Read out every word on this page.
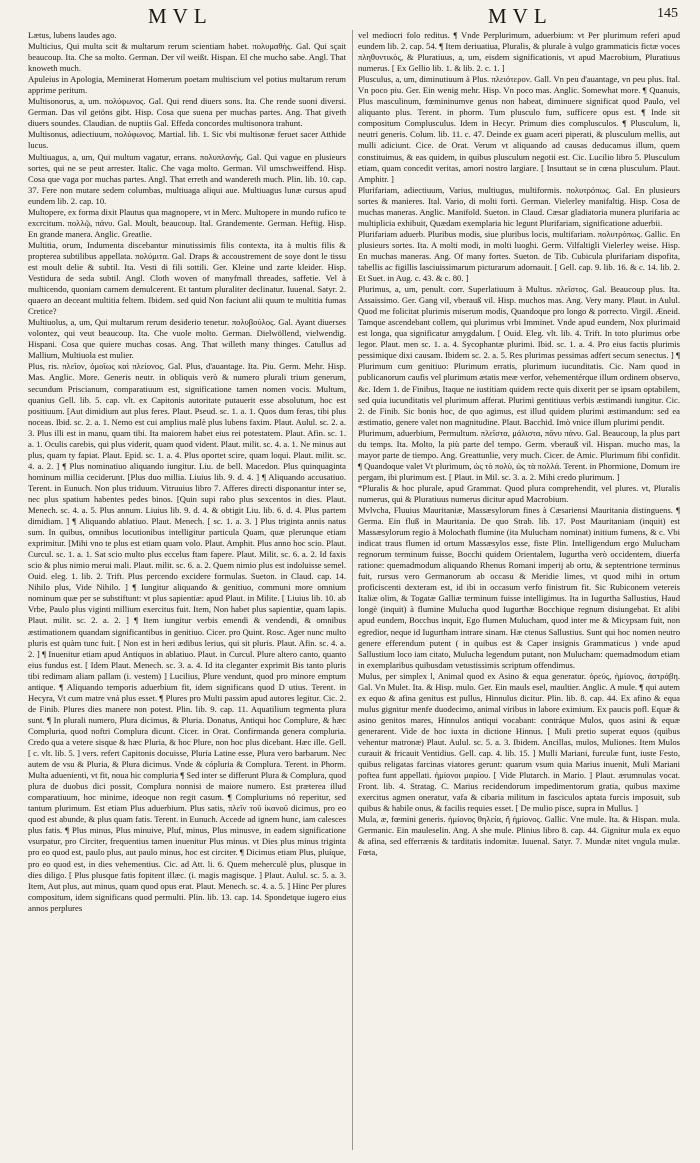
MVL	MVL	145

Lætus, lubens laudes ago.

Multicius, Qui multa scit & multarum rerum scientiam habet. πολυμαθὴς. Gal. Qui sçait beaucoup. Ita. Che sa molto. German. Der vil weißt. Hispan. El che mucho sabe. Angl. That knoweth much.

Apuleius in Apologia, Meminerat Homerum poetam multiscium vel potius multarum rerum apprime peritum.

Multisonorus, a, um. πολύφωνος. Gal. Qui rend diuers sons. Ita. Che rende suoni diversi. German. Das vil getöns gibt. Hisp. Cosa que suena per muchas partes. Ang. That giveth diuers soundes. Claudian. de nuptiis Gal. Effeda concordes multisonora trahunt.

Multisonus, adiectiuum, πολύφωνος. Martial. lib. 1. Sic vbi multisonæ feruet sacer Atthide lucus.

Multiuagus, a, um, Qui multum vagatur, errans. πολυπλανὴς. Gal. Qui vague en plusieurs sortes, qui ne se peut arrester. Italic. Che vaga molto. German. Vil umschweiffend. Hisp. Cosa que vaga por muchas partes. Angl. That erreth and wandereth much. Plin. lib. 10. cap. 37. Fere non mutare sedem columbas, multiuaga aliqui aue. Multiuagus lunæ cursus apud eundem lib. 2. cap. 10.

Multopere, ex forma dixit Plautus qua magnopere, vt in Merc. Multopere in mundo rufico te excrcitum. πολλῷ, πάνυ. Gal. Moult, beaucoup. Ital. Grandemente. German. Heftig. Hisp. En grande manera. Anglic. Greatlie.

Multitia, orum, Indumenta discebantur minutissimis filis contexta, ita à multis filis & propterea subtilibus appellata. πολύμιτα. Gal. Draps & accoustrement de soye dont le tissu est moult delie & subtil. Ita. Vesti di fili sottili. Ger. Kleine und zarte kleider. Hisp. Vestidura de seda subtil. Angl. Cloth woven of manyfmall threades, saffetie. Vel à multicendo, quoniam carnem demulcerent. Et tantum pluraliter declinatur. Iuuenal. Satyr. 2. quaero an deceant multitia feltem. Ibidem. sed quid Non faciunt alii quum te multitia fumas Cretice?

Multiuolus, a, um, Qui multarum rerum desiderio tenetur. πολυβούλος. Gal. Ayant diuerses volontez, qui veut beaucoup. Ita. Che vuole molto. German. Dielwöllend, vielwendig. Hispani. Cosa que quiere muchas cosas. Ang. That willeth many thinges. Catullus ad Mallium, Multiuola est mulier.

Plus, ris. πλεῖον, ὁμοῖως καὶ πλείονος. Gal. Plus, d'auantage. Ita. Piu. Germ. Mehr. Hisp. Mas. Anglic. More. Generis neutr. in obliquis verò & numero plurali trium generum, secundum Priscianum, comparatiuum est, significatione tamen nomen vocis. Multum, quanius Gell. lib. 5. cap. vlt. ex Capitonis autoritate putauerit esse absolutum, hoc est positiuum. [Aut dimidium aut plus feres. Plaut. Pseud. sc. 1. a. 1. Quos dum feras, tibi plus noceas. Ibid. sc. 2. a. 1. Nemo est cui amplius malè plus lubens faxim. Plaut. Aulul. sc. 2. a. 3. Plus illi est in manu, quam tibi. Ita maiorem habet eius rei potestatem. Plaut. Afin. sc. 1. a. 1. Oculis carebis, qui plus viderit, quam quod vident. Plaut. milit. sc. 4. a. 1. Ne minus aut plus, quam ty fapiat. Plaut. Epid. sc. 1. a. 4. Plus oportet scire, quam loqui. Plaut. milit. sc. 4. a. 2. ] ¶ Plus nominatiuo aliquando iungitur. Liu. de bell. Macedon. Plus quinquaginta hominum millia ceciderunt. [Plus duo millia. Liuius lib. 9. d. 4. ] ¶ Aliquando accusatiuo. Terent. in Eunuch. Non plus triduum. Vitruuius libro 7. Afferes directi disponantur inter se, nec plus spatium habentes pedes binos. [Quin supi rabo plus sexcentos in dies. Plaut. Menech. sc. 4. a. 5. Plus annum. Liuius lib. 9. d. 4. & obtigit Liu. lib. 6. d. 4. Plus partem dimidiam. ] ¶ Aliquando ablatiuo. Plaut. Menech. [ sc. 1. a. 3. ] Plus triginta annis natus sum. In quibus, omnibus locutionibus intelligitur particula Quam, quæ plerunque etiam exprimitur. [Mihi vno te plus est etiam quam volo. Plaut. Amphit. Plus anno hoc scio. Plaut. Curcul. sc. 1. a. 1. Sat scio multo plus eccelus ftam fapere. Plaut. Milit. sc. 6. a. 2. Id faxis scio & plus nimio merui mali. Plaut. milit. sc. 6. a. 2. Quem nimio plus est indoluisse semel. Ouid. eleg. 1. lib. 2. Trift. Plus percendo excidere formulas. Sueton. in Claud. cap. 14. Nihilo plus, Vide Nihilo. ] ¶ Iungitur aliquando & genitiuo, communi more omnium nominum quæ per se substiftunt: vt plus sapientiæ: apud Plaut. in Milite. [ Liuius lib. 10. ab Vrbe, Paulo plus viginti millium exercitus fuit. Item, Non habet plus sapientiæ, quam lapis. Plaut. milit. sc. 2. a. 2. ] ¶ Item iungitur verbis emendi & vendendi, & omnibus æstimationem quandam significantibus in genitiuo. Cicer. pro Quint. Rosc. Ager nunc multo pluris est quàm tunc fuit. [ Non est in heri ædibus lerius, qui sit pluris. Plaut. Afin. sc. 4. a. 2. ] ¶ Inuenitur etiam apud Antiquos in ablatiuo. Plaut. in Curcul. Plure altero canto, quanto eius fundus est. [ Idem Plaut. Menech. sc. 3. a. 4. Id ita cleganter exprimit Bis tanto pluris tibi redimam aliam pallam (i. vestem) ] Lucilius, Plure vendunt, quod pro minore emptum antique. ¶ Aliquando temporis aduerbium fit, idem significans quod D utius. Terent. in Hecyra, Vt cum matre vná plus esset. ¶ Plures pro Multi passim apud autores legitur. Cic. 2. de Finib. Plures dies manere non potest. Plin. lib. 9. cap. 11. Aquatilium tegmenta plura sunt. ¶ In plurali numero, Plura dicimus, & Pluria. Donatus, Antiqui hoc Complure, & hæc Compluria, quod noftri Complura dicunt. Cicer. in Orat. Confirmanda genera compluria. Credo qua a vetere sisque & hæc Pluria, & hoc Plure, non hoc plus dicebant. Hæc ille. Gell. [ c. vlt. lib. 5. ] vers. refert Capitonis docuisse, Pluria Latine esse, Plura vero barbarum. Nec autem de vsu & Pluria, & Plura dicimus. Vnde & cópluria & Complura. Terent. in Phorm. Multa aduenienti, vt fit, noua hic compluria ¶ Sed inter se differunt Plura & Complura, quod plura de duobus dici possit, Complura nonnisi de maiore numero. Est præterea illud comparatiuum, hoc minime, ideoque non regit casum. ¶ Compluriums nó reperitur, sed tantum plurimum. Est etiam Plus aduerbium. Plus satis, πλεῖν τοῦ ἱκανοῦ dicimus, pro eo quod est abunde, & plus quam fatis. Terent. in Eunuch. Accede ad ignem hunc, iam calesces plus fatis. ¶ Plus minus, Plus minuive, Pluf, minus, Plus minusve, in eadem significatione vsurpatur, pro Circiter, frequentius tamen inuenitur Plus minus. vt Dies plus minus triginta pro eo quod est, paulo plus, aut paulo minus, hoc est circiter. ¶ Dicimus etiam Plus, pluíque, pro eo quod est, in dies vehementius. Cic. ad Att. li. 6. Quem meherculè plus, plusque in dies diligo. [ Plus plusque fatis fopitent illæc. (i. magis magisque. ] Plaut. Aulul. sc. 5. a. 3. Item, Aut plus, aut minus, quam quod opus erat. Plaut. Menech. sc. 4. a. 5. ] Hinc Per plures compositum, idem significans quod permulti. Plin. lib. 13. cap. 14. Spondetque iugero eius annos perplures

vel mediocri folo reditus. ¶ Vnde Perplurimum, aduerbium: vt Per plurimum referi apud eundem lib. 2. cap. 54. ¶ Item deriuatiua, Pluralis, & plurale à vulgo grammaticis fictæ voces πληθυντικὸς, & Pluratiuus, a, um, eisdem significationis, vt apud Macrobium, Pluratiuus numerus. [ Ex Gellio lib. 1. & lib. 2. c. 1. ]

Plusculus, a, um, diminutiuum à Plus. πλειότερον. Gall. Vn peu d'auantage, vn peu plus. Ital. Vn poco piu. Ger. Ein wenig mehr. Hisp. Vn poco mas. Anglic. Somewhat more. ¶ Quanuis, Plus masculinum, fœmininumve genus non habeat, diminuere significat quod Paulo, vel aliquanto plus. Terent. in phorm. Tum plusculo fum, sufficere opus est. ¶ Inde sit compositum Complusculus. Idem in Hecyr. Primum dies complusculos. ¶ Plusculum, li, neutri generis. Colum. lib. 11. c. 47. Deinde ex guam aceri piperati, & plusculum mellis, aut mulli adiciunt. Cice. de Orat. Verum vt aliquando ad causas deducamus illum, quem constituimus, & eas quidem, in quibus plusculum negotii est. Cic. Lucilio libro 5. Plusculum etiam, quam concedit veritas, amori nostro largiare. [ Insuttaut se in cœna plusculum. Plaut. Amphitr. ]

Plurifariam, adiectiuum, Varius, multiugus, multiformis. πολυτρόπως. Gal. En plusieurs sortes & manieres. Ital. Vario, di molti forti. German. Vielerley manifaltig. Hisp. Cosa de muchas maneras. Anglic. Manifold. Sueton. in Claud. Cæsar gladiatoria munera plurifaria ac multiplicia exhibuit, Quædam exemplaria hic legunt Plurifariam, significatione aduerbii.

Plurifariam aduerb. Pluribus modis, siue pluribus locis, multifariam. πολυτρόπως. Gallic. En plusieurs sortes. Ita. A molti modi, in molti luoghi. Germ. Vilfaltigli Vielerley weise. Hisp. En muchas maneras. Ang. Of many fortes. Sueton. de Tib. Cubicula plurifariam dispofita, tabellis ac figillis lasciuissimarum picturarum adornauit. [ Gell. cap. 9. lib. 16. & c. 14. lib. 2. Et Suet. in Aug. c. 43. & c. 80. ]

Plurimus, a, um, penult. corr. Superlatiuum à Multus. πλεῖστος. Gal. Beaucoup plus. Ita. Assaissimo. Ger. Gang vil, vberauß vil. Hisp. muchos mas. Ang. Very many. Plaut. in Aulul. Quod me folicitat plurimis miserum modis, Quandoque pro longo & porrecto. Virgil. Æneid. Tamque ascendebant collem, qui plurimus vrbi Imminet. Vnde apud eundem, Nox plurimaid est longa, qua significatur amygdalum. [ Ouid. Eleg. vlt. lib. 4. Trift. In toto plurimus orbe legor. Plaut. men sc. 1. a. 4. Sycophantæ plurimi. Ibid. sc. 1. a. 4. Pro eius factis plurimis pessimique dixi causam. Ibidem sc. 2. a. 5. Res plurimas pessimas adfert secum senectus. ] ¶ Plurimum cum genitiuo: Plurimum erratis, plurimum iucunditatis. Cic. Nam quod in publicanorum caufis vel plurimum ætatis meæ verfor, vehementérque illum ordinem observo, &c. Idem 1. de Finibus, Itaque ne iustitiam quidem recte quis dixerit per se ipsam optabilem, sed quia iucunditatis vel plurimum afferat. Plurimi gentitiuus verbis æstimandi iungitur. Cic. 2. de Finib. Sic bonis hoc, de quo agimus, est illud quidem plurimi æstimandum: sed ea æstimatio, genere valet non magnitudine. Plaut. Bacchid. Imò vnice illum plurimi pendit.

Plurimum, aduerbium, Permultum. πλεῖστα, μάλιστα, πᾶνυ πάνυ. Gal. Beaucoup, la plus part du temps. Ita. Molto, la più parte del tempo. Germ. vberauß vil. Hispan. mucho mas, la mayor parte de tiempo. Ang. Greattunlie, very much. Cicer. de Amic. Plurimum fibi confidit. ¶ Quandoque valet Vt plurimum, ὡς τὸ πολὺ, ὡς τὰ πολλά. Terent. in Phormione, Domum ire pergam, ibi plurimum est. [ Plaut. in Mil. sc. 3. a. 2. Mihi credo plurimum. ]

*Pluralis & hoc plurale, apud Grammat. Quod plura comprehendit, vel plures. vt, Pluralis numerus, qui & Pluratiuus numerus dicitur apud Macrobium.

Mvlvcha, Fluuius Mauritaniæ, Massæsylorum fines à Cæsariensi Mauritania distinguens. ¶ Germa. Ein fluß in Mauritania. De quo Strab. lib. 17. Post Mauritaniam (inquit) est Massæsylorum regio à Molochath flumine (ita Mulucham nominat) initium fumens, & c. Vbi indicat traus flumen id ortum Massæsylos esse, fiste Plin. Intelligendum ergo Mulucham regnorum terminum fuisse, Bocchi quidem Orientalem, Iugurtha verò occidentem, diuerfa ratione: quemadmodum aliquando Rhenus Romani imperij ab ortu, & septentrione terminus fuit, rursus vero Germanorum ab occasu & Meridie limes, vt quod mihi in ortum proficiscenti dexteram est, id ibi in occasum verfo finistrum fit. Sic Rubiconem vetereis Italiæ olim, & Togatæ Galliæ terminum fuisse intelligimus. Ita in Iugurtha Sallustius, Haud longè (inquit) à flumine Mulucha quod Iugurthæ Bocchique regnum disiungebat. Et alibi apud eundem, Bocchus inquit, Ego flumen Mulucham, quod inter me & Micypsam fuit, non egredior, neque id Iugurtham intrare sinam. Hæ ctenus Sallustius. Sunt qui hoc nomen neutro genere efferendum putent ( in quibus est & Caper insignis Grammaticus ) vnde apud Sallustium loco iam citato, Mulucha legendum putant, non Mulucham: quemadmodum etiam in exemplaribus quibusdam vetustissimis scriptum offendimus.

Mulus, per simplex l, Animal quod ex Asino & equa generatur. ὀρεύς, ἡμίονος, ἀστράβη. Gal. Vn Mulet. Ita. & Hisp. mulo. Ger. Ein mauls esel, maultier. Anglic. A mule. ¶ qui autem ex equo & afina genitus est pullus, Hinnulus dicitur. Plin. lib. 8. cap. 44. Ex afino & equa mulus gignitur menfe duodecimo, animal viribus in labore eximium. Ex paucis pofl. Equæ & asino genitos mares, Hinnulos antiqui vocabant: contráque Mulos, quos asini & equæ generarent. Vide de hoc iuxta in dictione Hinnus. [ Muli pretio superat equos (quibus vehentur matronæ) Plaut. Aulul. sc. 5. a. 3. Ibidem. Ancillas, mulos, Muliones. Item Mulos curauit & fricauit Ventidius. Gell. cap. 4. lib. 15. ] Mulli Mariani, furculæ funt, iuste Festo, quibus religatas farcinas viatores gerunt: quarum vsum quia Marius inuenit, Muli Mariani poftea funt appellati. ἡμίονοι μαρίου. [ Vide Plutarch. in Mario. ] Plaut. ærumnulas vocat. Front. lib. 4. Stratag. C. Marius recidendorum impedimentorum gratia, quibus maxime exercitus agmen oneratur, vafa & cibaria militum in fasciculos aptata furcis imposuit, sub quibus & habile onus, & facilis requies esset. [ De mulio pisce, supra in Mullus. ]

Mula, æ, fœmini generis. ἡμίονος θηλεία, ἢ ἡμίονος. Gallic. Vne mule. Ita. & Hispan. mula. Germanic. Ein mauleselin. Ang. A she mule. Plinius libro 8. cap. 44. Gignitur mula ex equo & afina, sed efferrænis & tarditatis indomitæ. Iuuenal. Satyr. 7. Mundæ nitet vngula mulæ. Fœta,
